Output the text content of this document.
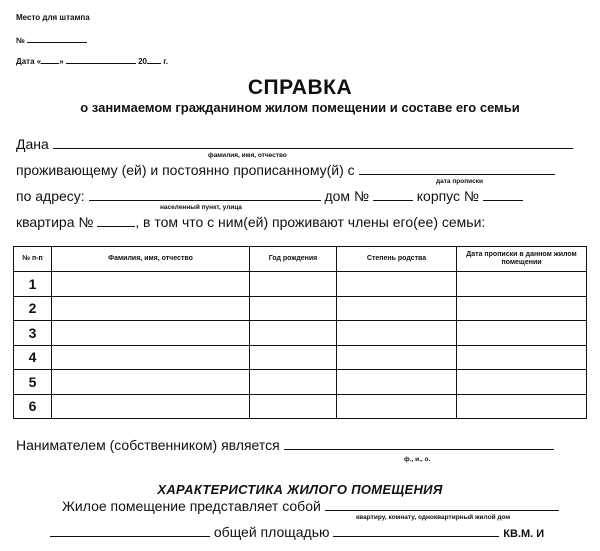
Место для штампа
№
Дата « »	20 г.
СПРАВКА
о занимаемом гражданином жилом помещении и составе его семьи
Дана
фамилия, имя, отчество
проживающему (ей) и постоянно прописанному(й) с
дата прописки
по адресу:	дом №	корпус №
населенный пункт, улица
квартира №	, в том что с ним(ей) проживают члены его(ее) семьи:
№ п-п	Фамилия, имя, отчество	Год рождения	Степень родства	Дата прописки в данном жилом помещении
1				
2				
3				
4				
5				
6				
Нанимателем (собственником) является
ф., и., о.
ХАРАКТЕРИСТИКА ЖИЛОГО ПОМЕЩЕНИЯ
Жилое помещение представляет собой
квартиру, комнату, одноквартирный жилой дом
общей площадью	КВ.М. И
